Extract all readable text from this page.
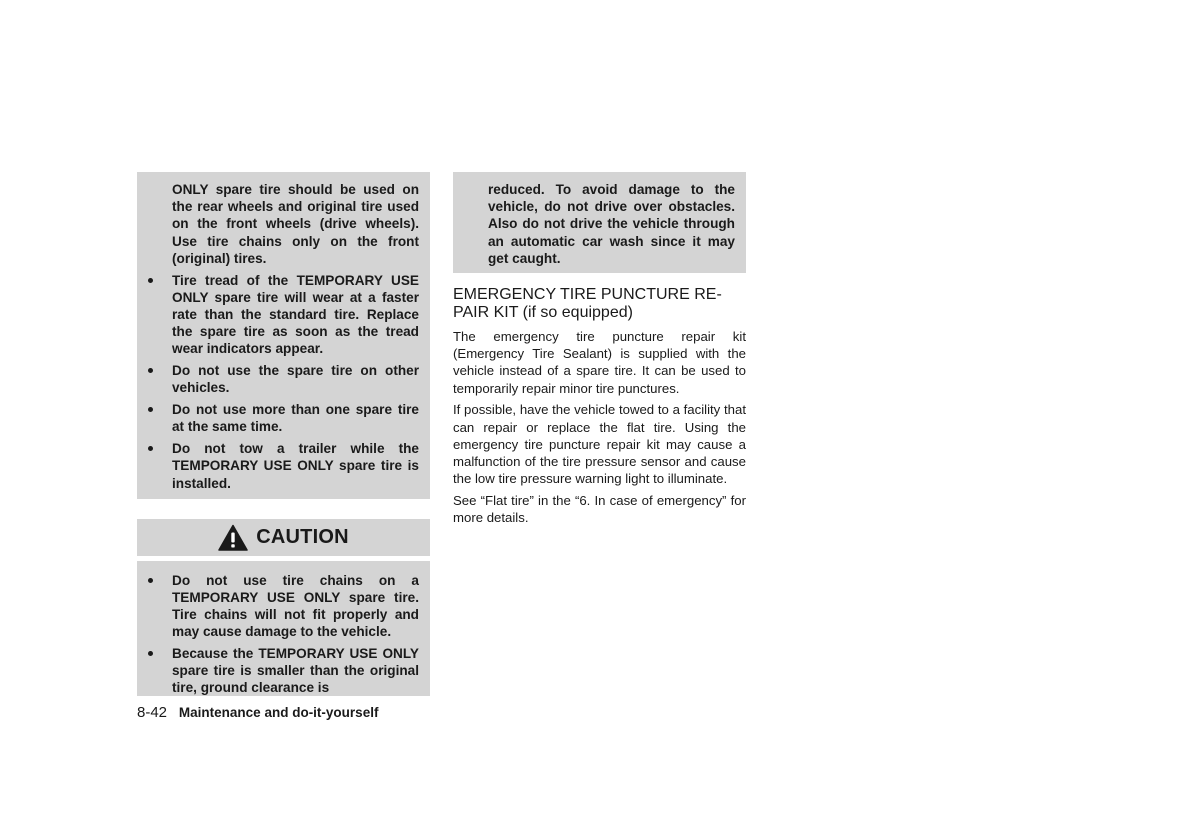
ONLY spare tire should be used on the rear wheels and original tire used on the front wheels (drive wheels). Use tire chains only on the front (original) tires.

Tire tread of the TEMPORARY USE ONLY spare tire will wear at a faster rate than the standard tire. Replace the spare tire as soon as the tread wear indicators appear.
Do not use the spare tire on other vehicles.
Do not use more than one spare tire at the same time.
Do not tow a trailer while the TEMPORARY USE ONLY spare tire is installed.
CAUTION
Do not use tire chains on a TEMPORARY USE ONLY spare tire. Tire chains will not fit properly and may cause damage to the vehicle.
Because the TEMPORARY USE ONLY spare tire is smaller than the original tire, ground clearance is

reduced. To avoid damage to the vehicle, do not drive over obstacles. Also do not drive the vehicle through an automatic car wash since it may get caught.

EMERGENCY TIRE PUNCTURE RE-
PAIR KIT (if so equipped)

The emergency tire puncture repair kit (Emergency Tire Sealant) is supplied with the vehicle instead of a spare tire. It can be used to temporarily repair minor tire punctures.

If possible, have the vehicle towed to a facility that can repair or replace the flat tire. Using the emergency tire puncture repair kit may cause a malfunction of the tire pressure sensor and cause the low tire pressure warning light to illuminate.

See “Flat tire” in the “6. In case of emergency” for more details.

8-42 Maintenance and do-it-yourself
